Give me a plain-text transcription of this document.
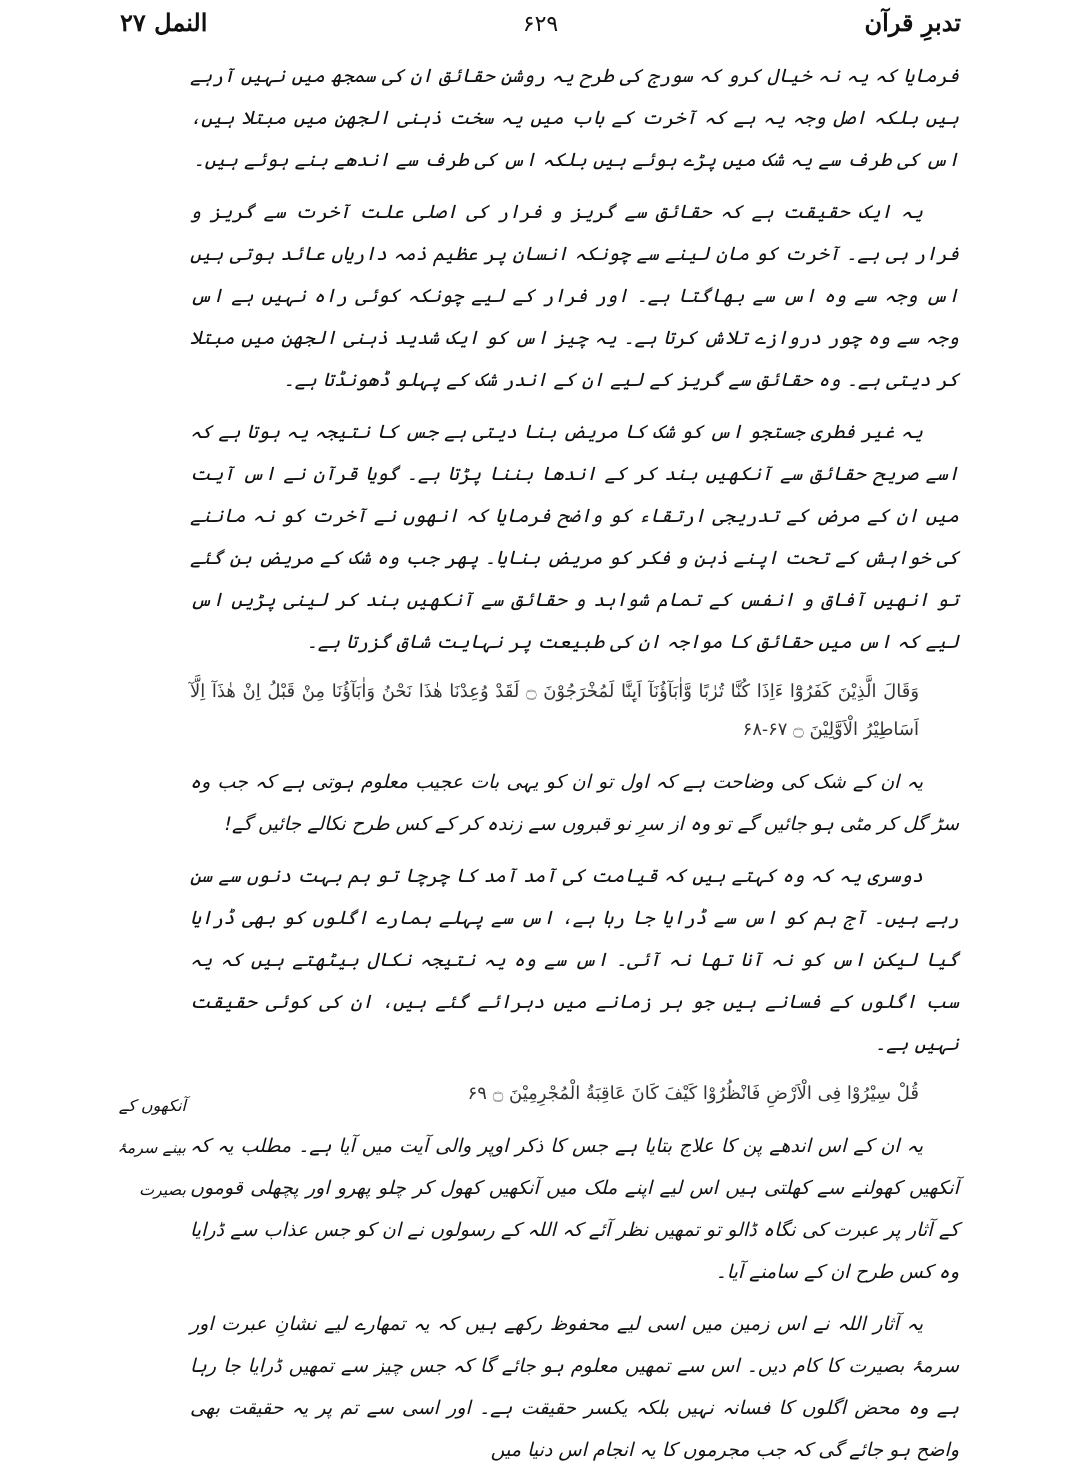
تدبرِ قرآن
۶۲۹
النمل ۲۷
آنکھوں کے
بینے سرمۂ
بصیرت

فرمایا کہ یہ نہ خیال کرو کہ سورج کی طرح یہ روشن حقائق ان کی سمجھ میں نہیں آرہے ہیں بلکہ اصل وجہ یہ ہے کہ آخرت کے باب میں یہ سخت ذہنی الجھن میں مبتلا ہیں، اس کی طرف سے یہ شک میں پڑے ہوئے ہیں بلکہ اس کی طرف سے اندھے بنے ہوئے ہیں۔

یہ ایک حقیقت ہے کہ حقائق سے گریز و فرار کی اصلی علت آخرت سے گریز و فرار ہی ہے۔ آخرت کو مان لینے سے چونکہ انسان پر عظیم ذمہ داریاں عائد ہوتی ہیں اس وجہ سے وہ اس سے بھاگتا ہے۔ اور فرار کے لیے چونکہ کوئی راہ نہیں ہے اس وجہ سے وہ چور دروازے تلاش کرتا ہے۔ یہ چیز اس کو ایک شدید ذہنی الجھن میں مبتلا کر دیتی ہے۔ وہ حقائق سے گریز کے لیے ان کے اندر شک کے پہلو ڈھونڈتا ہے۔

یہ غیر فطری جستجو اس کو شک کا مریض بنا دیتی ہے جس کا نتیجہ یہ ہوتا ہے کہ اسے صریح حقائق سے آنکھیں بند کر کے اندھا بننا پڑتا ہے۔ گویا قرآن نے اس آیت میں ان کے مرض کے تدریجی ارتقاء کو واضح فرمایا کہ انھوں نے آخرت کو نہ ماننے کی خواہش کے تحت اپنے ذہن و فکر کو مریض بنایا۔ پھر جب وہ شک کے مریض بن گئے تو انھیں آفاق و انفس کے تمام شواہد و حقائق سے آنکھیں بند کر لینی پڑیں اس لیے کہ اس میں حقائق کا مواجہ ان کی طبیعت پر نہایت شاق گزرتا ہے۔

وَقَالَ الَّذِيْنَ كَفَرُوْٓا ءَاِذَا كُنَّا تُرٰبًا وَّاٰبَآؤُنَآ اَىِٕنَّا لَمُخْرَجُوْنَ ۝ لَقَدْ وُعِدْنَا هٰذَا نَحْنُ وَاٰبَآؤُنَا مِنْ قَبْلُ اِنْ هٰذَآ اِلَّآ اَسَاطِيْرُ الْاَوَّلِيْنَ ۝ ۶۷-۶۸

یہ ان کے شک کی وضاحت ہے کہ اول تو ان کو یہی بات عجیب معلوم ہوتی ہے کہ جب وہ سڑ گل کر مٹی ہو جائیں گے تو وہ از سرِ نو قبروں سے زندہ کر کے کس طرح نکالے جائیں گے!

دوسری یہ کہ وہ کہتے ہیں کہ قیامت کی آمد آمد کا چرچا تو ہم بہت دنوں سے سن رہے ہیں۔ آج ہم کو اس سے ڈرایا جا رہا ہے، اس سے پہلے ہمارے اگلوں کو بھی ڈرایا گیا لیکن اس کو نہ آنا تھا نہ آئی۔ اس سے وہ یہ نتیجہ نکال بیٹھتے ہیں کہ یہ سب اگلوں کے فسانے ہیں جو ہر زمانے میں دہرائے گئے ہیں، ان کی کوئی حقیقت نہیں ہے۔

قُلْ سِيْرُوْا فِى الْاَرْضِ فَانْظُرُوْا كَيْفَ كَانَ عَاقِبَةُ الْمُجْرِمِيْنَ ۝ ۶۹

یہ ان کے اس اندھے پن کا علاج بتایا ہے جس کا ذکر اوپر والی آیت میں آیا ہے۔ مطلب یہ کہ آنکھیں کھولنے سے کھلتی ہیں اس لیے اپنے ملک میں آنکھیں کھول کر چلو پھرو اور پچھلی قوموں کے آثار پر عبرت کی نگاہ ڈالو تو تمھیں نظر آئے کہ اللہ کے رسولوں نے ان کو جس عذاب سے ڈرایا وہ کس طرح ان کے سامنے آیا۔

یہ آثار اللہ نے اس زمین میں اسی لیے محفوظ رکھے ہیں کہ یہ تمھارے لیے نشانِ عبرت اور سرمۂ بصیرت کا کام دیں۔ اس سے تمھیں معلوم ہو جائے گا کہ جس چیز سے تمھیں ڈرایا جا رہا ہے وہ محض اگلوں کا فسانہ نہیں بلکہ یکسر حقیقت ہے۔ اور اسی سے تم پر یہ حقیقت بھی واضح ہو جائے گی کہ جب مجرموں کا یہ انجام اس دنیا میں
